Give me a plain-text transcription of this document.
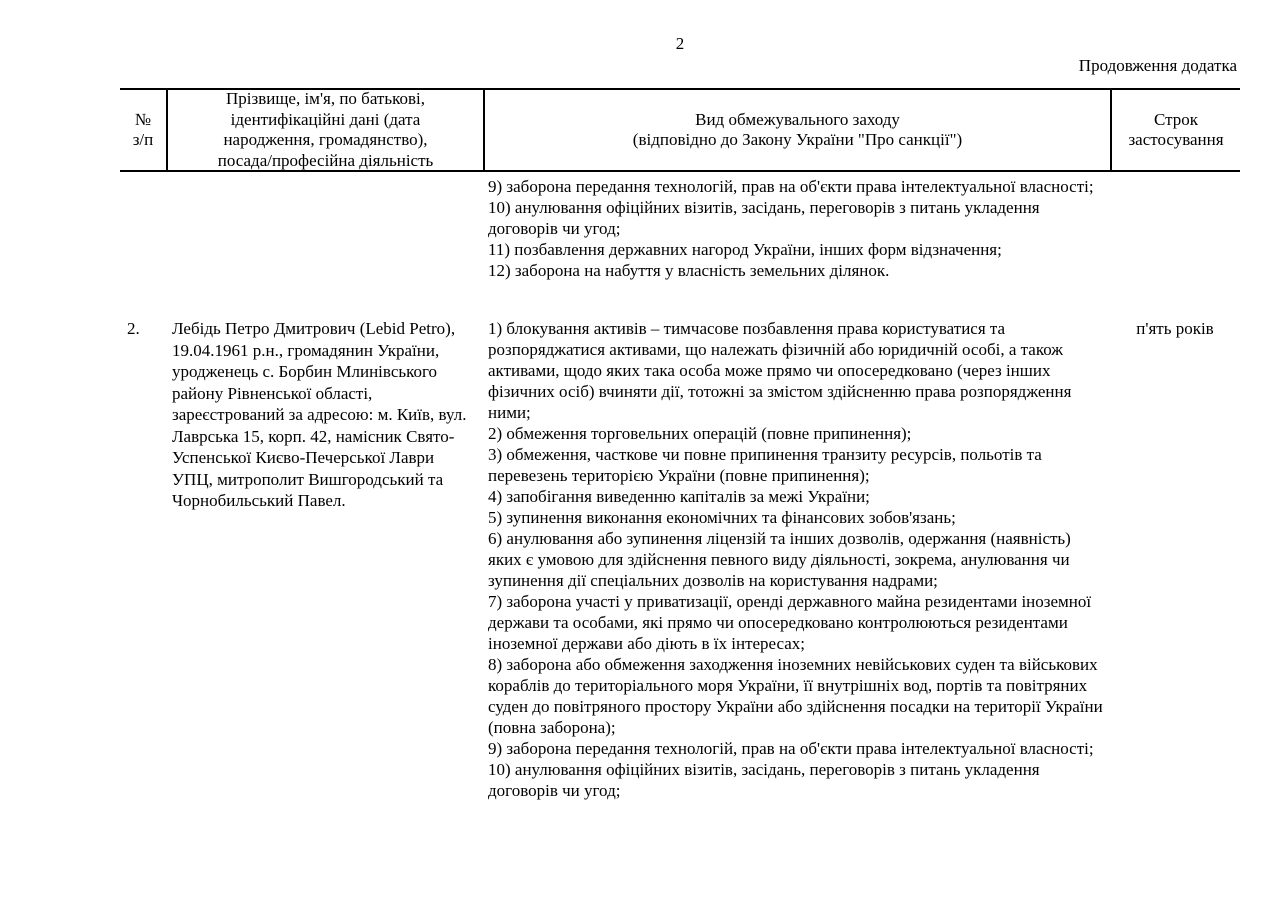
2
Продовження додатка
№
з/п
Прізвище, ім'я, по батькові,
ідентифікаційні дані (дата
народження, громадянство),
посада/професійна діяльність
Вид обмежувального заходу
(відповідно до Закону України "Про санкції")
Строк
застосування

9) заборона передання технологій, прав на об'єкти права інтелектуальної власності;

10) анулювання офіційних візитів, засідань, переговорів з питань укладення договорів чи угод;

11) позбавлення державних нагород України, інших форм відзначення;

12) заборона на набуття у власність земельних ділянок.

2.	Лебідь Петро Дмитрович (Lebid Petro), 19.04.1961 р.н., громадянин України, уродженець с. Борбин Млинівського району Рівненської області, зареєстрований за адресою: м. Київ, вул. Лаврська 15, корп. 42, намісник Свято-Успенської Києво-Печерської Лаври УПЦ, митрополит Вишгородський та Чорнобильський Павел.

1) блокування активів – тимчасове позбавлення права користуватися та розпоряджатися активами, що належать фізичній або юридичній особі, а також активами, щодо яких така особа може прямо чи опосередковано (через інших фізичних осіб) вчиняти дії, тотожні за змістом здійсненню права розпорядження ними;

2) обмеження торговельних операцій (повне припинення);

3) обмеження, часткове чи повне припинення транзиту ресурсів, польотів та перевезень територією України (повне припинення);

4) запобігання виведенню капіталів за межі України;

5) зупинення виконання економічних та фінансових зобов'язань;

6) анулювання або зупинення ліцензій та інших дозволів, одержання (наявність) яких є умовою для здійснення певного виду діяльності, зокрема, анулювання чи зупинення дії спеціальних дозволів на користування надрами;

7) заборона участі у приватизації, оренді державного майна резидентами іноземної держави та особами, які прямо чи опосередковано контролюються резидентами іноземної держави або діють в їх інтересах;

8) заборона або обмеження заходження іноземних невійськових суден та військових кораблів до територіального моря України, її внутрішніх вод, портів та повітряних суден до повітряного простору України або здійснення посадки на території України (повна заборона);

9) заборона передання технологій, прав на об'єкти права інтелектуальної власності;

10) анулювання офіційних візитів, засідань, переговорів з питань укладення договорів чи угод;

п'ять років
